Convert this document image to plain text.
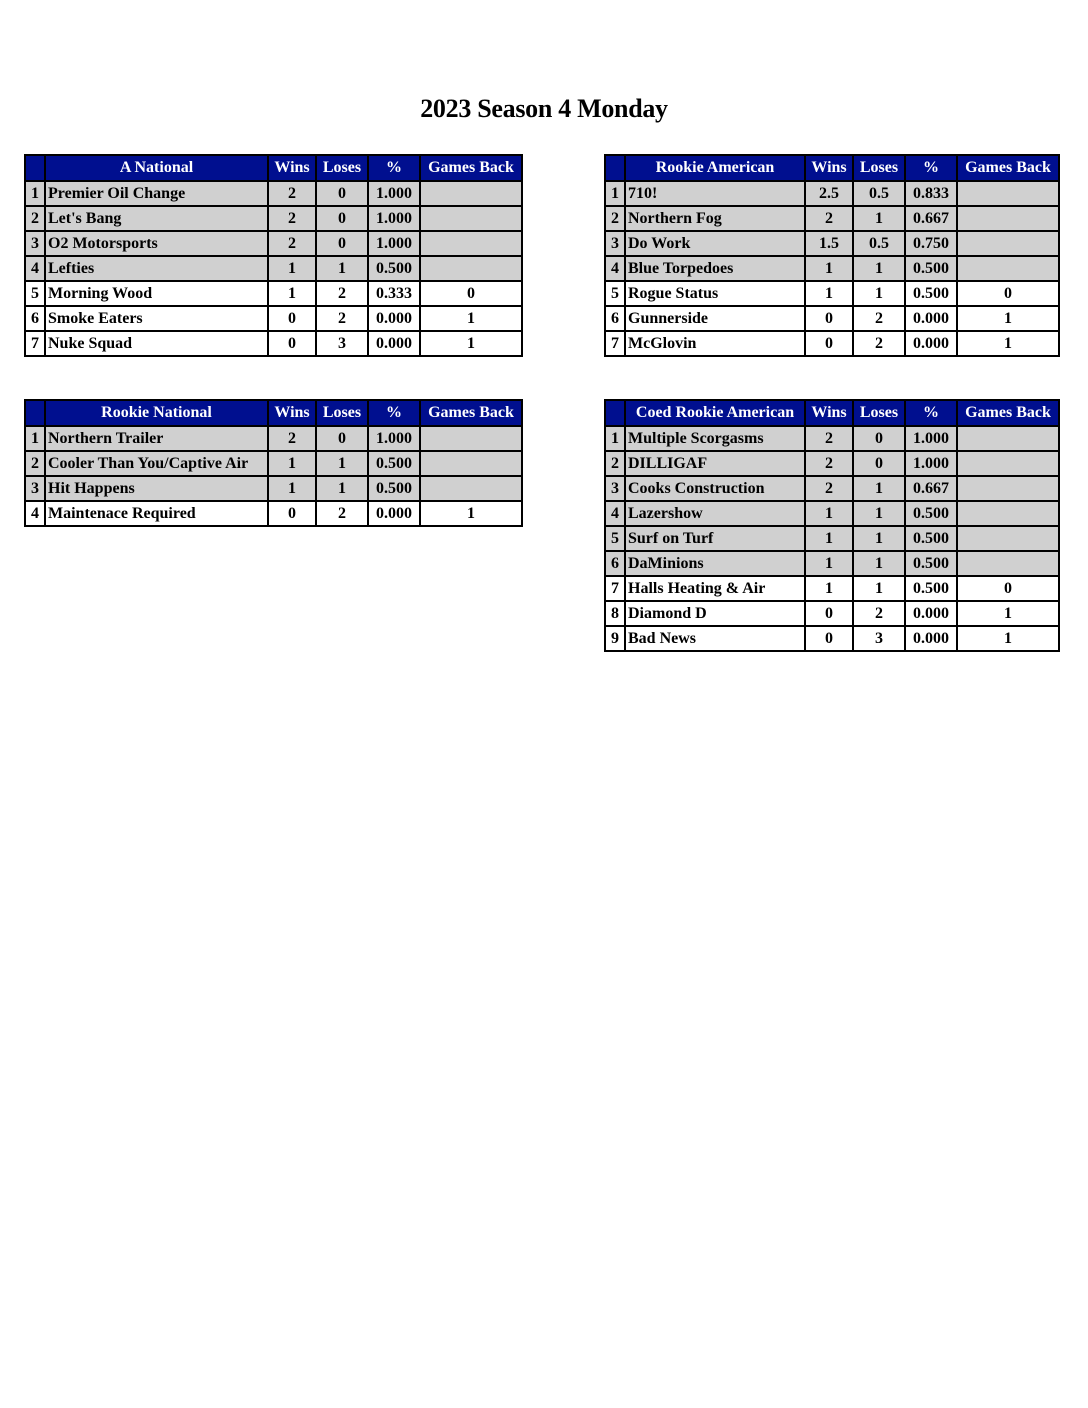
2023 Season 4 Monday
	A National	Wins	Loses	%	Games Back
1	Premier Oil Change	2	0	1.000	
2	Let's Bang	2	0	1.000	
3	O2 Motorsports	2	0	1.000	
4	Lefties	1	1	0.500	
5	Morning Wood	1	2	0.333	0
6	Smoke Eaters	0	2	0.000	1
7	Nuke Squad	0	3	0.000	1
	Rookie American	Wins	Loses	%	Games Back
1	710!	2.5	0.5	0.833	
2	Northern Fog	2	1	0.667	
3	Do Work	1.5	0.5	0.750	
4	Blue Torpedoes	1	1	0.500	
5	Rogue Status	1	1	0.500	0
6	Gunnerside	0	2	0.000	1
7	McGlovin	0	2	0.000	1
	Rookie National	Wins	Loses	%	Games Back
1	Northern Trailer	2	0	1.000	
2	Cooler Than You/Captive Air	1	1	0.500	
3	Hit Happens	1	1	0.500	
4	Maintenace Required	0	2	0.000	1
	Coed Rookie American	Wins	Loses	%	Games Back
1	Multiple Scorgasms	2	0	1.000	
2	DILLIGAF	2	0	1.000	
3	Cooks Construction	2	1	0.667	
4	Lazershow	1	1	0.500	
5	Surf on Turf	1	1	0.500	
6	DaMinions	1	1	0.500	
7	Halls Heating & Air	1	1	0.500	0
8	Diamond D	0	2	0.000	1
9	Bad News	0	3	0.000	1
